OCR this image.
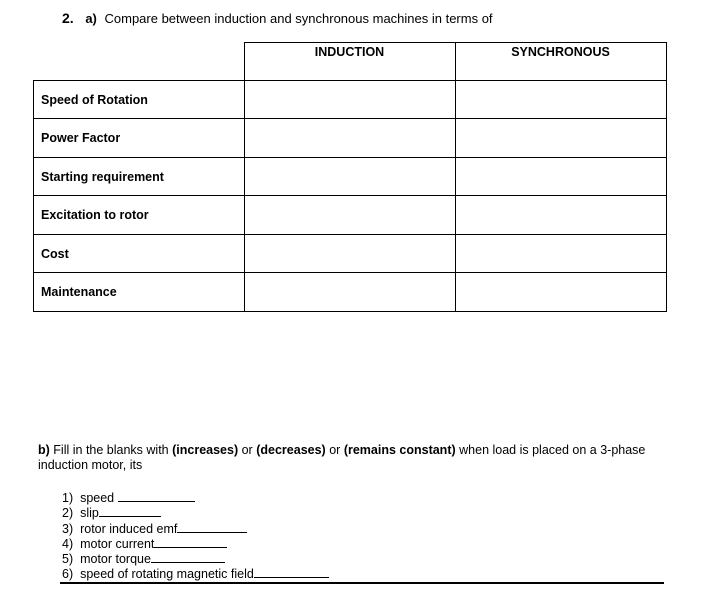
2. a) Compare between induction and synchronous machines in terms of
	INDUCTION	SYNCHRONOUS
Speed of Rotation		
Power Factor		
Starting requirement		
Excitation to rotor		
Cost		
Maintenance		
b) Fill in the blanks with (increases) or (decreases) or (remains constant) when load is placed on a 3-phase induction motor, its
1) speed
2) slip
3) rotor induced emf
4) motor current
5) motor torque
6) speed of rotating magnetic field
